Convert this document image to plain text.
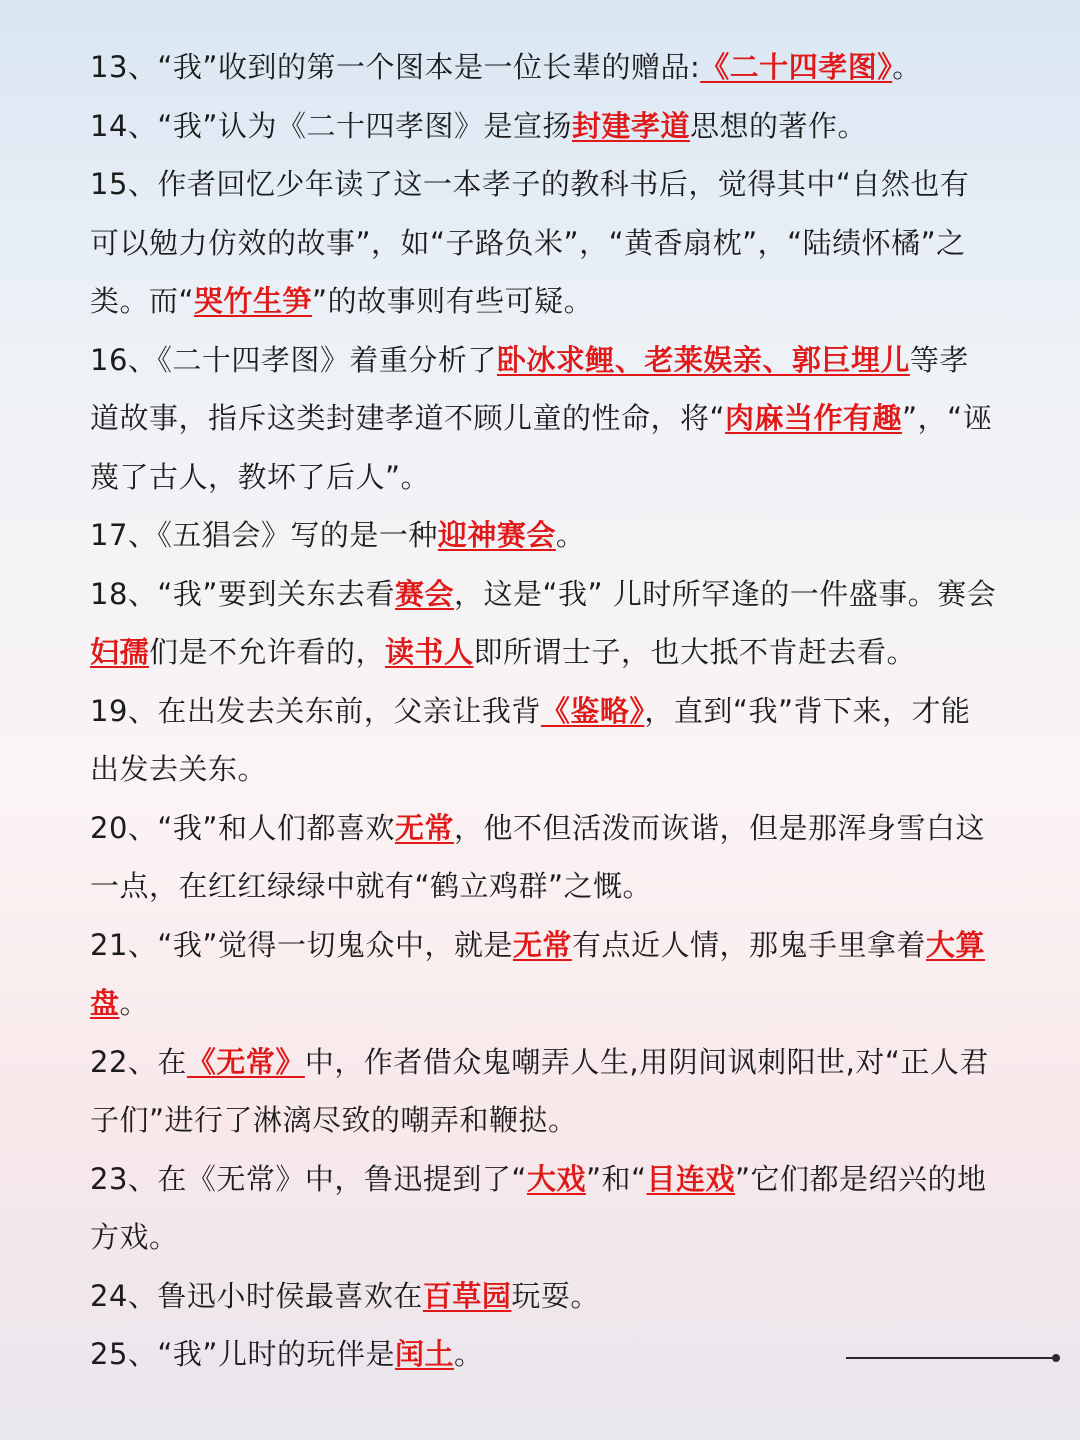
13、“我”收到的第一个图本是一位长辈的赠品:《二十四孝图》。

14、“我”认为《二十四孝图》是宣扬封建孝道思想的著作。

15、作者回忆少年读了这一本孝子的教科书后，觉得其中“自然也有可以勉力仿效的故事”，如“子路负米”，“黄香扇枕”，“陆绩怀橘”之类。而“哭竹生笋”的故事则有些可疑。

16、《二十四孝图》着重分析了卧冰求鲤、老莱娱亲、郭巨埋儿等孝道故事，指斥这类封建孝道不顾儿童的性命，将“肉麻当作有趣”，“诬蔑了古人，教坏了后人”。

17、《五猖会》写的是一种迎神赛会。

18、“我”要到关东去看赛会，这是“我” 儿时所罕逢的一件盛事。赛会妇孺们是不允许看的，读书人即所谓士子，也大抵不肯赶去看。

19、在出发去关东前，父亲让我背《鉴略》，直到“我”背下来，才能出发去关东。

20、“我”和人们都喜欢无常，他不但活泼而诙谐，但是那浑身雪白这一点，在红红绿绿中就有“鹤立鸡群”之慨。

21、“我”觉得一切鬼众中，就是无常有点近人情，那鬼手里拿着大算盘。

22、在《无常》中，作者借众鬼嘲弄人生,用阴间讽刺阳世,对“正人君子们”进行了淋漓尽致的嘲弄和鞭挞。

23、在《无常》中，鲁迅提到了“大戏”和“目连戏”它们都是绍兴的地方戏。

24、鲁迅小时侯最喜欢在百草园玩耍。

25、“我”儿时的玩伴是闰土。
